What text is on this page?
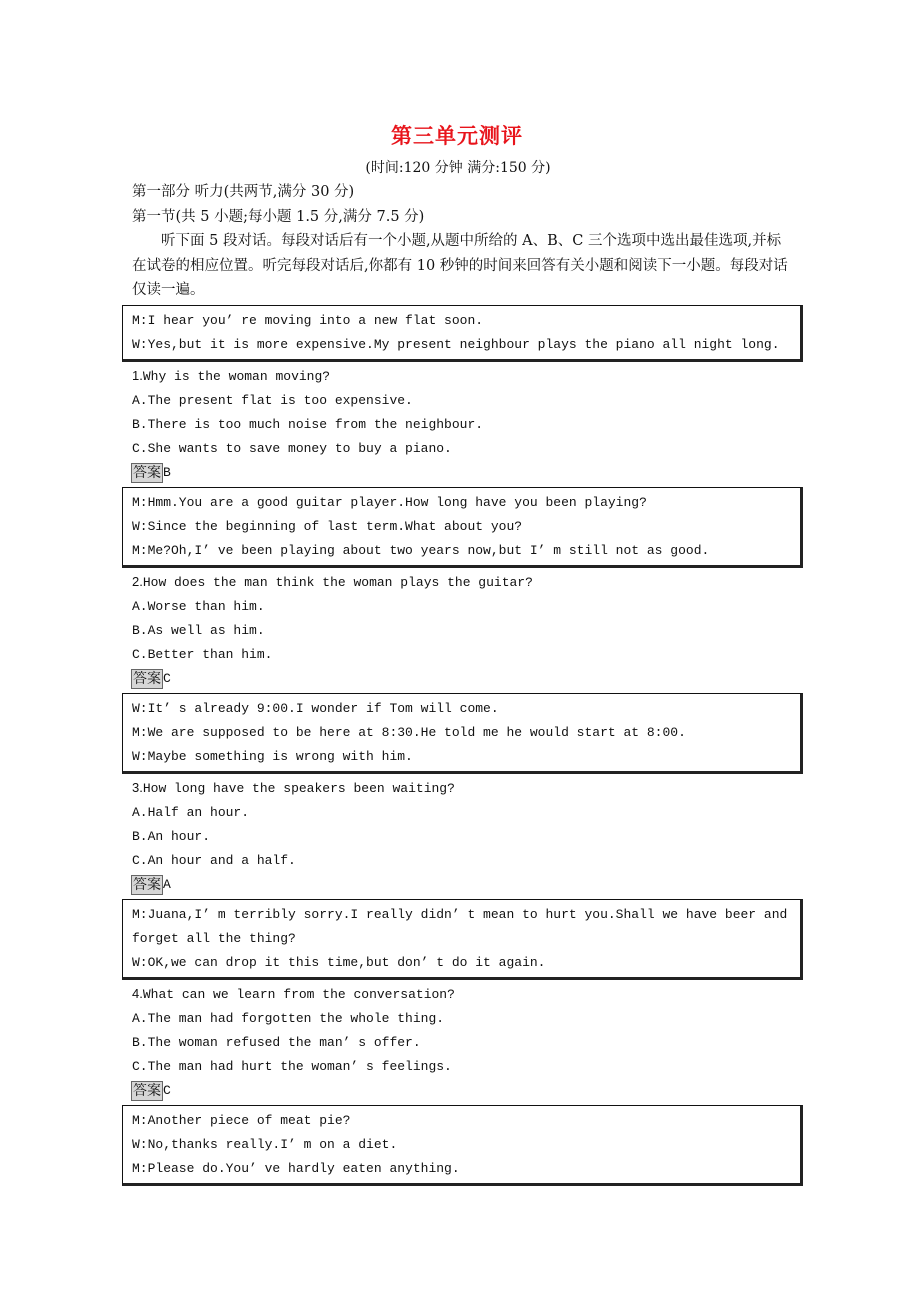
第三单元测评
(时间:120 分钟 满分:150 分)
第一部分 听力(共两节,满分 30 分)
第一节(共 5 小题;每小题 1.5 分,满分 7.5 分)
听下面 5 段对话。每段对话后有一个小题,从题中所给的 A、B、C 三个选项中选出最佳选项,并标在试卷的相应位置。听完每段对话后,你都有 10 秒钟的时间来回答有关小题和阅读下一小题。每段对话仅读一遍。
M:I hear you’ re moving into a new flat soon.
W:Yes,but it is more expensive.My present neighbour plays the piano all night long.
1.Why is the woman moving?
A.The present flat is too expensive.
B.There is too much noise from the neighbour.
C.She wants to save money to buy a piano.
答案 B
M:Hmm.You are a good guitar player.How long have you been playing?
W:Since the beginning of last term.What about you?
M:Me?Oh,I’ ve been playing about two years now,but I’ m still not as good.
2.How does the man think the woman plays the guitar?
A.Worse than him.
B.As well as him.
C.Better than him.
答案 C
W:It’ s already 9:00.I wonder if Tom will come.
M:We are supposed to be here at 8:30.He told me he would start at 8:00.
W:Maybe something is wrong with him.
3.How long have the speakers been waiting?
A.Half an hour.
B.An hour.
C.An hour and a half.
答案 A
M:Juana,I’ m terribly sorry.I really didn’ t mean to hurt you.Shall we have beer and forget all the thing?
W:OK,we can drop it this time,but don’ t do it again.
4.What can we learn from the conversation?
A.The man had forgotten the whole thing.
B.The woman refused the man’ s offer.
C.The man had hurt the woman’ s feelings.
答案 C
M:Another piece of meat pie?
W:No,thanks really.I’ m on a diet.
M:Please do.You’ ve hardly eaten anything.
